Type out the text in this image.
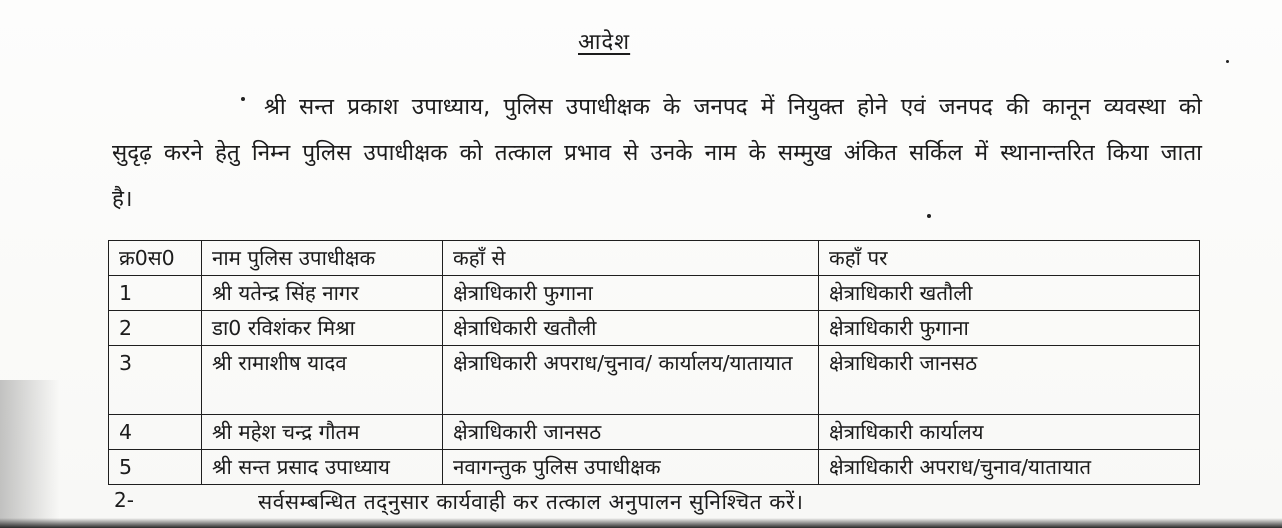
आदेश

श्री सन्त प्रकाश उपाध्याय, पुलिस उपाधीक्षक के जनपद में नियुक्त होने एवं जनपद की कानून व्यवस्था को सुदृढ़ करने हेतु निम्न पुलिस उपाधीक्षक को तत्काल प्रभाव से उनके नाम के सम्मुख अंकित सर्किल में स्थानान्तरित किया जाता है।

क्र0स0	नाम पुलिस उपाधीक्षक	कहाँ से	कहाँ पर
1	श्री यतेन्द्र सिंह नागर	क्षेत्राधिकारी फुगाना	क्षेत्राधिकारी खतौली
2	डा0 रविशंकर मिश्रा	क्षेत्राधिकारी खतौली	क्षेत्राधिकारी फुगाना
3	श्री रामाशीष यादव	क्षेत्राधिकारी अपराध/चुनाव/ कार्यालय/यातायात	क्षेत्राधिकारी जानसठ
4	श्री महेश चन्द्र गौतम	क्षेत्राधिकारी जानसठ	क्षेत्राधिकारी कार्यालय
5	श्री सन्त प्रसाद उपाध्याय	नवागन्तुक पुलिस उपाधीक्षक	क्षेत्राधिकारी अपराध/चुनाव/यातायात
2-	सर्वसम्बन्धित तद्नुसार कार्यवाही कर तत्काल अनुपालन सुनिश्चित करें।
